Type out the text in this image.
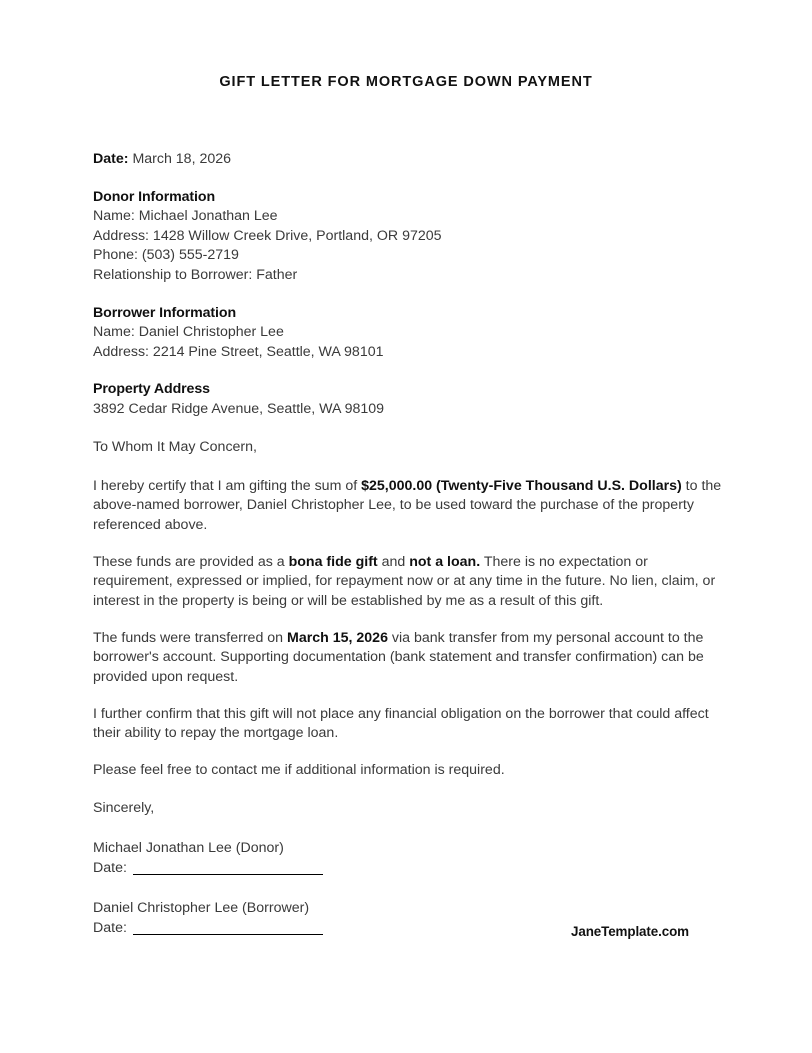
GIFT LETTER FOR MORTGAGE DOWN PAYMENT
Date: March 18, 2026
Donor Information
Name: Michael Jonathan Lee
Address: 1428 Willow Creek Drive, Portland, OR 97205
Phone: (503) 555-2719
Relationship to Borrower: Father
Borrower Information
Name: Daniel Christopher Lee
Address: 2214 Pine Street, Seattle, WA 98101
Property Address
3892 Cedar Ridge Avenue, Seattle, WA 98109
To Whom It May Concern,

I hereby certify that I am gifting the sum of $25,000.00 (Twenty-Five Thousand U.S. Dollars) to the above-named borrower, Daniel Christopher Lee, to be used toward the purchase of the property referenced above.

These funds are provided as a bona fide gift and not a loan. There is no expectation or requirement, expressed or implied, for repayment now or at any time in the future. No lien, claim, or interest in the property is being or will be established by me as a result of this gift.

The funds were transferred on March 15, 2026 via bank transfer from my personal account to the borrower's account. Supporting documentation (bank statement and transfer confirmation) can be provided upon request.

I further confirm that this gift will not place any financial obligation on the borrower that could affect their ability to repay the mortgage loan.

Please feel free to contact me if additional information is required.

Sincerely,
Michael Jonathan Lee (Donor)
Date:
Daniel Christopher Lee (Borrower)
Date:	JaneTemplate.com
